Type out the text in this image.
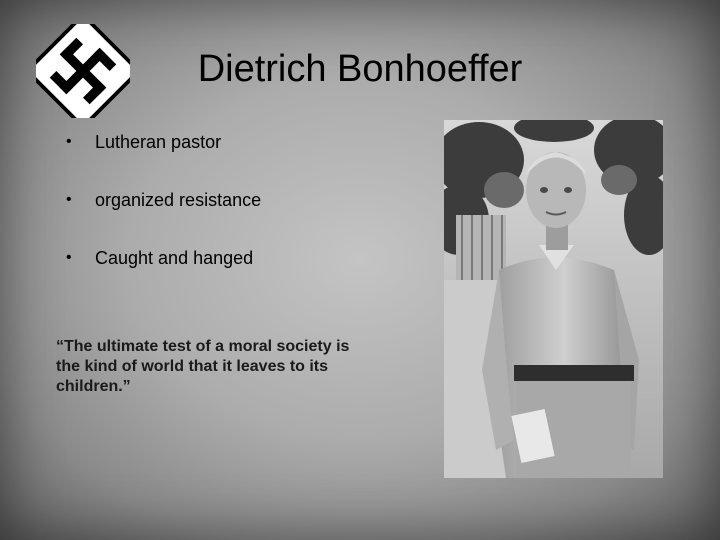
Dietrich Bonhoeffer
• Lutheran pastor
• organized resistance
• Caught and hanged
“The ultimate test of a moral society is the kind of world that it leaves to its children.”
